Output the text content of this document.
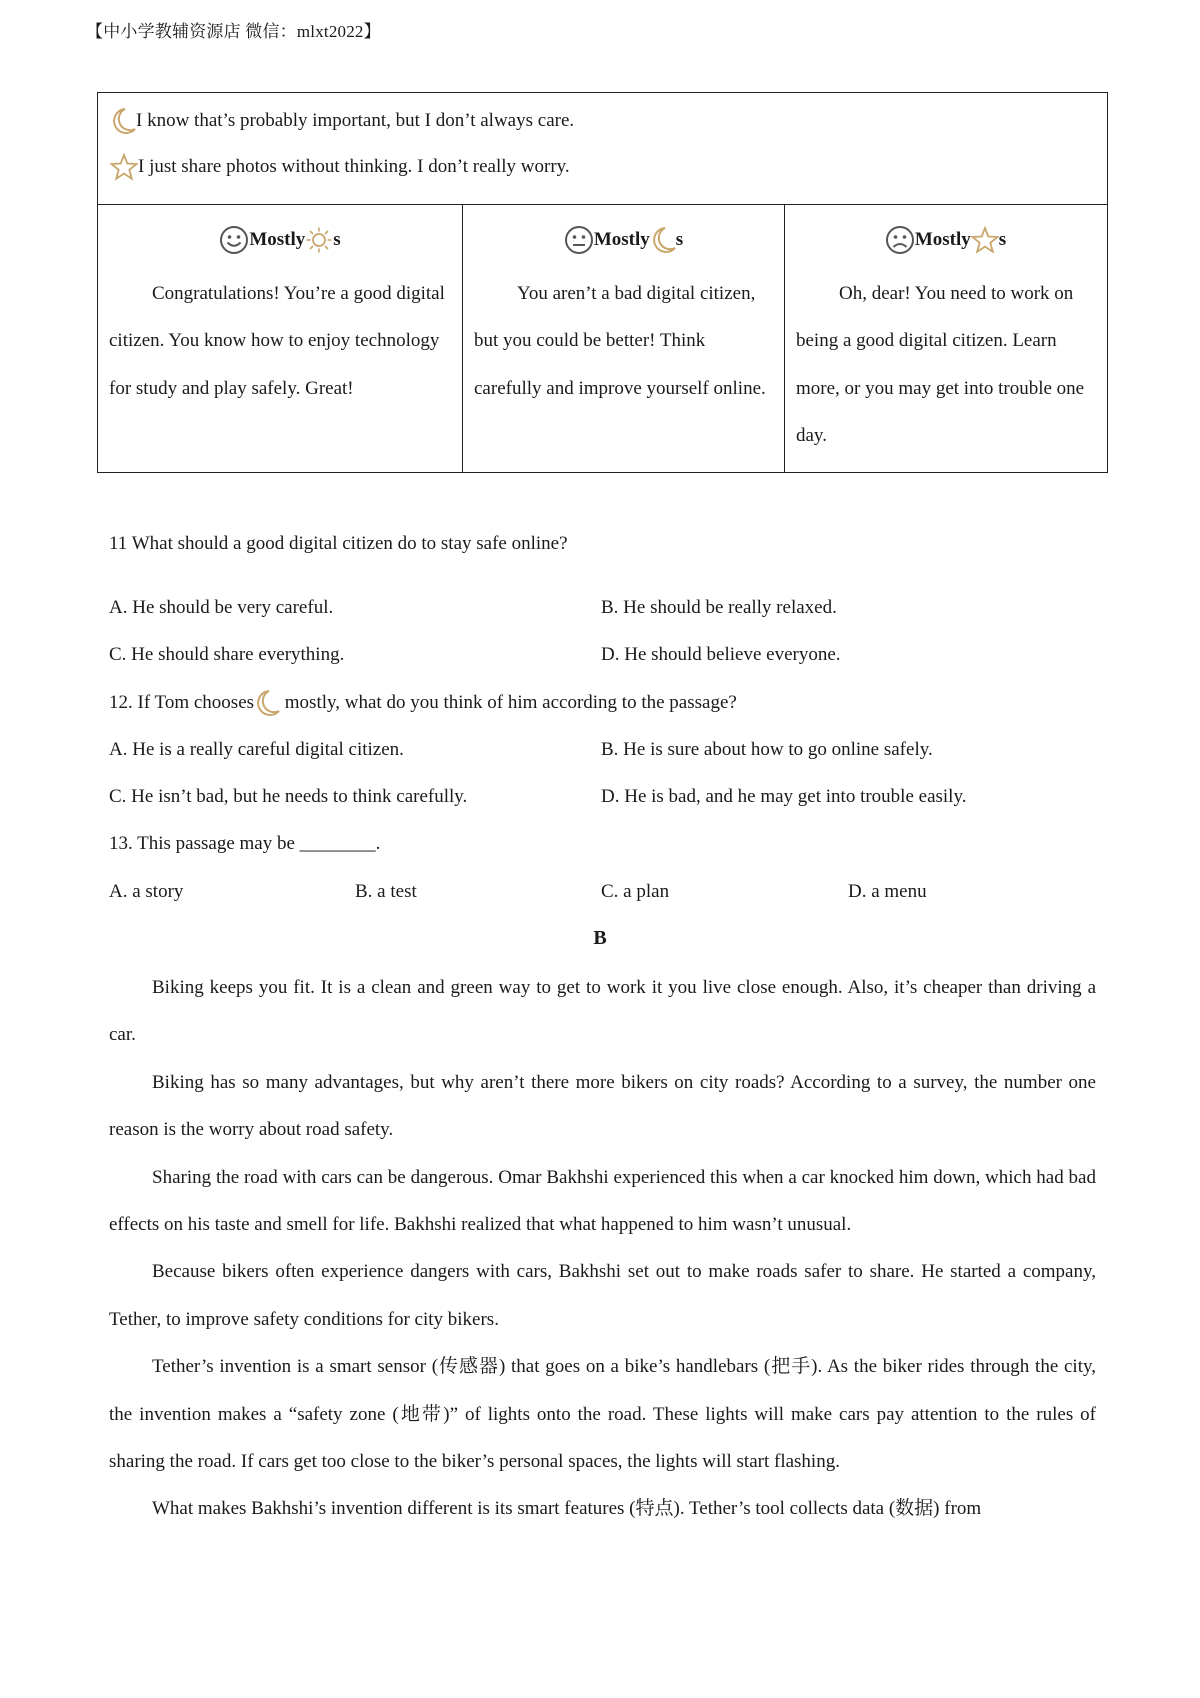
【中小学教辅资源店 微信：mlxt2022】
I know that’s probably important, but I don’t always care.
I just share photos without thinking. I don’t really worry.
Mostly s
Congratulations! You’re a good digital citizen. You know how to enjoy technology for study and play safely. Great!
Mostly s
You aren’t a bad digital citizen, but you could be better! Think carefully and improve yourself online.
Mostly s
Oh, dear! You need to work on being a good digital citizen. Learn more, or you may get into trouble one day.
11 What should a good digital citizen do to stay safe online?
A. He should be very careful.	B. He should be really relaxed.
C. He should share everything.	D. He should believe everyone.
12. If Tom chooses mostly, what do you think of him according to the passage?
A. He is a really careful digital citizen.	B. He is sure about how to go online safely.
C. He isn’t bad, but he needs to think carefully.	D. He is bad, and he may get into trouble easily.
13. This passage may be ________.
A. a story	B. a test	C. a plan	D. a menu
B

Biking keeps you fit. It is a clean and green way to get to work it you live close enough. Also, it’s cheaper than driving a car.

Biking has so many advantages, but why aren’t there more bikers on city roads? According to a survey, the number one reason is the worry about road safety.

Sharing the road with cars can be dangerous. Omar Bakhshi experienced this when a car knocked him down, which had bad effects on his taste and smell for life. Bakhshi realized that what happened to him wasn’t unusual.

Because bikers often experience dangers with cars, Bakhshi set out to make roads safer to share. He started a company, Tether, to improve safety conditions for city bikers.

Tether’s invention is a smart sensor (传感器) that goes on a bike’s handlebars (把手). As the biker rides through the city, the invention makes a “safety zone (地带)” of lights onto the road. These lights will make cars pay attention to the rules of sharing the road. If cars get too close to the biker’s personal spaces, the lights will start flashing.

What makes Bakhshi’s invention different is its smart features (特点). Tether’s tool collects data (数据) from
